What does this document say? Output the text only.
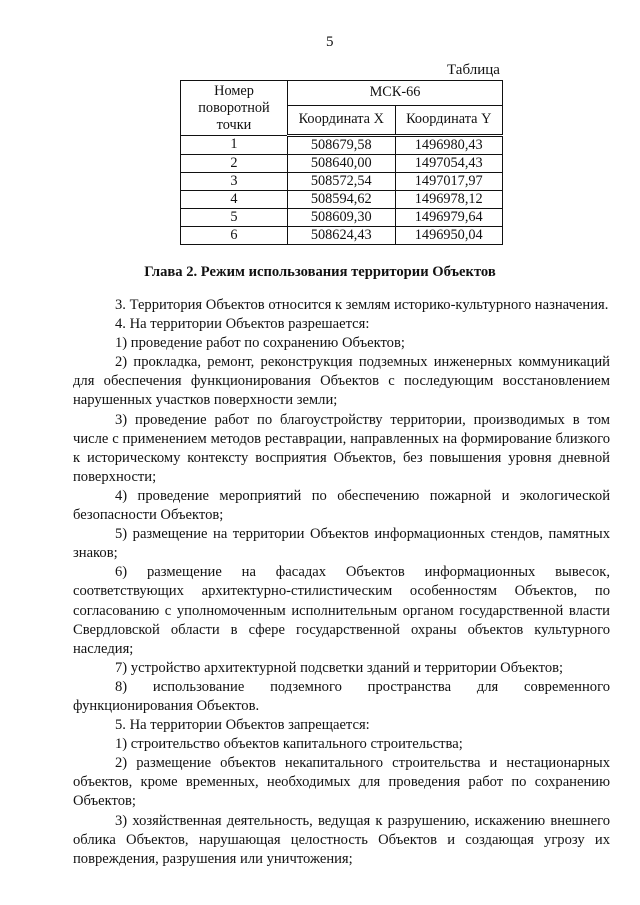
5
Таблица
Номер поворотной точки	МСК-66	
	Координата X	Координата Y
1	508679,58	1496980,43
2	508640,00	1497054,43
3	508572,54	1497017,97
4	508594,62	1496978,12
5	508609,30	1496979,64
6	508624,43	1496950,04
Глава 2. Режим использования территории Объектов

3. Территория Объектов относится к землям историко-культурного назначения.

4. На территории Объектов разрешается:

1) проведение работ по сохранению Объектов;

2) прокладка, ремонт, реконструкция подземных инженерных коммуникаций для обеспечения функционирования Объектов с последующим восстановлением нарушенных участков поверхности земли;

3) проведение работ по благоустройству территории, производимых в том числе с применением методов реставрации, направленных на формирование близкого к историческому контексту восприятия Объектов, без повышения уровня дневной поверхности;

4) проведение мероприятий по обеспечению пожарной и экологической безопасности Объектов;

5) размещение на территории Объектов информационных стендов, памятных знаков;

6) размещение на фасадах Объектов информационных вывесок, соответствующих архитектурно-стилистическим особенностям Объектов, по согласованию с уполномоченным исполнительным органом государственной власти Свердловской области в сфере государственной охраны объектов культурного наследия;

7) устройство архитектурной подсветки зданий и территории Объектов;

8) использование подземного пространства для современного функционирования Объектов.

5. На территории Объектов запрещается:

1) строительство объектов капитального строительства;

2) размещение объектов некапитального строительства и нестационарных объектов, кроме временных, необходимых для проведения работ по сохранению Объектов;

3) хозяйственная деятельность, ведущая к разрушению, искажению внешнего облика Объектов, нарушающая целостность Объектов и создающая угрозу их повреждения, разрушения или уничтожения;
